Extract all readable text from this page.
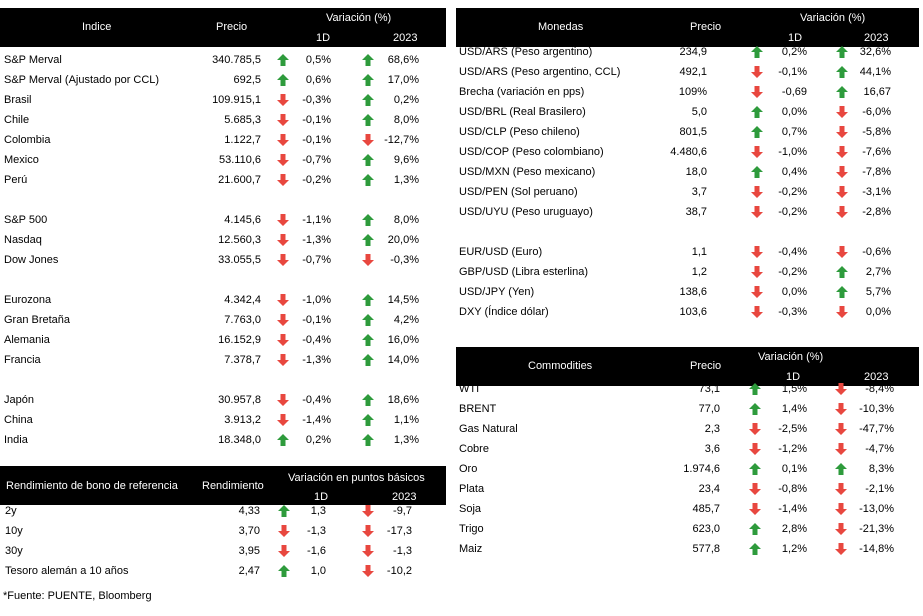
Indice	Precio
Variación (%)
1D	2023
S&P Merval	340.785,5	0,5%	68,6%
S&P Merval (Ajustado por CCL)	692,5	0,6%	17,0%
Brasil	109.915,1	-0,3%	0,2%
Chile	5.685,3	-0,1%	8,0%
Colombia	1.122,7	-0,1%	-12,7%
Mexico	53.110,6	-0,7%	9,6%
Perú	21.600,7	-0,2%	1,3%
S&P 500	4.145,6	-1,1%	8,0%
Nasdaq	12.560,3	-1,3%	20,0%
Dow Jones	33.055,5	-0,7%	-0,3%
Eurozona	4.342,4	-1,0%	14,5%
Gran Bretaña	7.763,0	-0,1%	4,2%
Alemania	16.152,9	-0,4%	16,0%
Francia	7.378,7	-1,3%	14,0%
Japón	30.957,8	-0,4%	18,6%
China	3.913,2	-1,4%	1,1%
India	18.348,0	0,2%	1,3%
Rendimiento de bono de referencia Rendimiento
Variación en puntos básicos
1D	2023
2y	4,33	1,3	-9,7
10y	3,70	-1,3	-17,3
30y	3,95	-1,6	-1,3
Tesoro alemán a 10 años	2,47	1,0	-10,2
Monedas	Precio
Variación (%)
1D	2023
USD/ARS (Peso argentino)	234,9	0,2%	32,6%
USD/ARS (Peso argentino, CCL)	492,1	-0,1%	44,1%
Brecha (variación en pps)	109%	-0,69	16,67
USD/BRL (Real Brasilero)	5,0	0,0%	-6,0%
USD/CLP (Peso chileno)	801,5	0,7%	-5,8%
USD/COP (Peso colombiano)	4.480,6	-1,0%	-7,6%
USD/MXN (Peso mexicano)	18,0	0,4%	-7,8%
USD/PEN (Sol peruano)	3,7	-0,2%	-3,1%
USD/UYU (Peso uruguayo)	38,7	-0,2%	-2,8%
EUR/USD (Euro)	1,1	-0,4%	-0,6%
GBP/USD (Libra esterlina)	1,2	-0,2%	2,7%
USD/JPY (Yen)	138,6	0,0%	5,7%
DXY (Índice dólar)	103,6	-0,3%	0,0%
Commodities	Precio
Variación (%)
1D	2023
WTI	73,1	1,5%	-8,4%
BRENT	77,0	1,4%	-10,3%
Gas Natural	2,3	-2,5%	-47,7%
Cobre	3,6	-1,2%	-4,7%
Oro	1.974,6	0,1%	8,3%
Plata	23,4	-0,8%	-2,1%
Soja	485,7	-1,4%	-13,0%
Trigo	623,0	2,8%	-21,3%
Maiz	577,8	1,2%	-14,8%
*Fuente: PUENTE, Bloomberg
